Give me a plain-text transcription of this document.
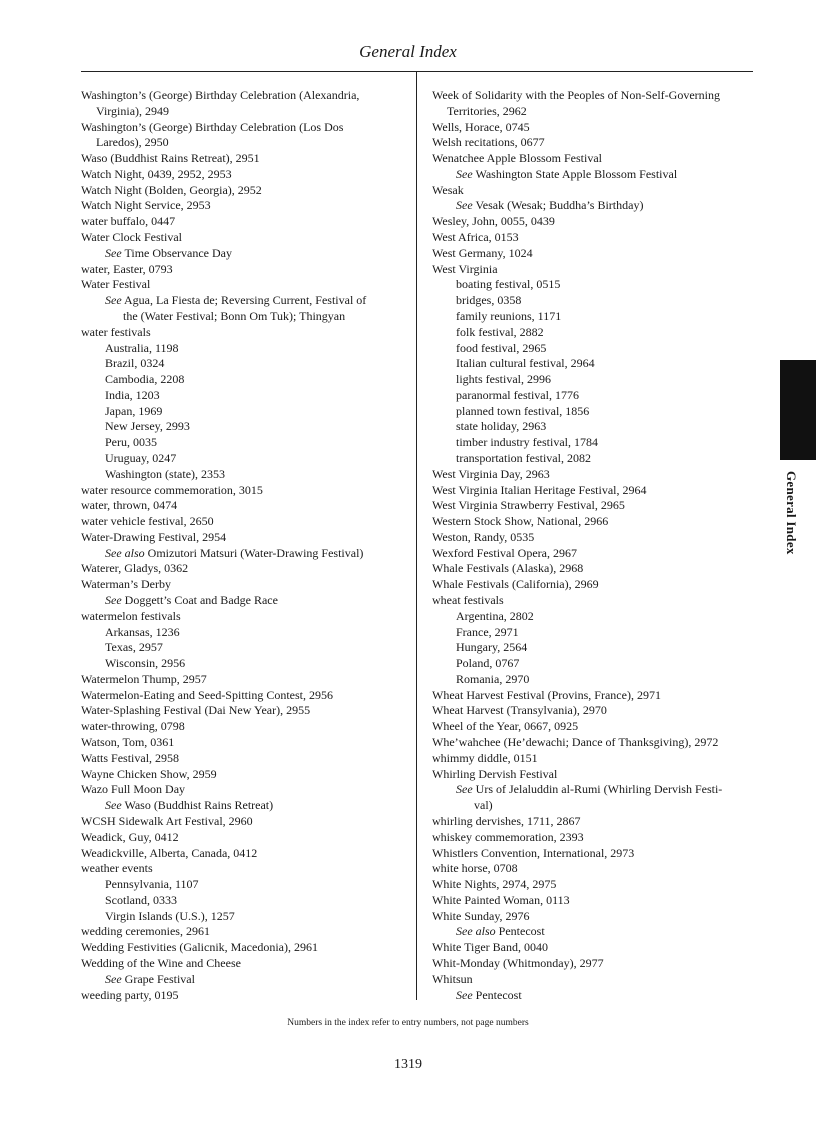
General Index
Washington’s (George) Birthday Celebration (Alexandria,
Virginia), 2949
Washington’s (George) Birthday Celebration (Los Dos
Laredos), 2950
Waso (Buddhist Rains Retreat), 2951
Watch Night, 0439, 2952, 2953
Watch Night (Bolden, Georgia), 2952
Watch Night Service, 2953
water buffalo, 0447
Water Clock Festival
See Time Observance Day
water, Easter, 0793
Water Festival
See Agua, La Fiesta de; Reversing Current, Festival of
the (Water Festival; Bonn Om Tuk); Thingyan
water festivals
Australia, 1198
Brazil, 0324
Cambodia, 2208
India, 1203
Japan, 1969
New Jersey, 2993
Peru, 0035
Uruguay, 0247
Washington (state), 2353
water resource commemoration, 3015
water, thrown, 0474
water vehicle festival, 2650
Water-Drawing Festival, 2954
See also Omizutori Matsuri (Water-Drawing Festival)
Waterer, Gladys, 0362
Waterman’s Derby
See Doggett’s Coat and Badge Race
watermelon festivals
Arkansas, 1236
Texas, 2957
Wisconsin, 2956
Watermelon Thump, 2957
Watermelon-Eating and Seed-Spitting Contest, 2956
Water-Splashing Festival (Dai New Year), 2955
water-throwing, 0798
Watson, Tom, 0361
Watts Festival, 2958
Wayne Chicken Show, 2959
Wazo Full Moon Day
See Waso (Buddhist Rains Retreat)
WCSH Sidewalk Art Festival, 2960
Weadick, Guy, 0412
Weadickville, Alberta, Canada, 0412
weather events
Pennsylvania, 1107
Scotland, 0333
Virgin Islands (U.S.), 1257
wedding ceremonies, 2961
Wedding Festivities (Galicnik, Macedonia), 2961
Wedding of the Wine and Cheese
See Grape Festival
weeding party, 0195
Week of Solidarity with the Peoples of Non-Self-Governing
Territories, 2962
Wells, Horace, 0745
Welsh recitations, 0677
Wenatchee Apple Blossom Festival
See Washington State Apple Blossom Festival
Wesak
See Vesak (Wesak; Buddha’s Birthday)
Wesley, John, 0055, 0439
West Africa, 0153
West Germany, 1024
West Virginia
boating festival, 0515
bridges, 0358
family reunions, 1171
folk festival, 2882
food festival, 2965
Italian cultural festival, 2964
lights festival, 2996
paranormal festival, 1776
planned town festival, 1856
state holiday, 2963
timber industry festival, 1784
transportation festival, 2082
West Virginia Day, 2963
West Virginia Italian Heritage Festival, 2964
West Virginia Strawberry Festival, 2965
Western Stock Show, National, 2966
Weston, Randy, 0535
Wexford Festival Opera, 2967
Whale Festivals (Alaska), 2968
Whale Festivals (California), 2969
wheat festivals
Argentina, 2802
France, 2971
Hungary, 2564
Poland, 0767
Romania, 2970
Wheat Harvest Festival (Provins, France), 2971
Wheat Harvest (Transylvania), 2970
Wheel of the Year, 0667, 0925
Whe’wahchee (He’dewachi; Dance of Thanksgiving), 2972
whimmy diddle, 0151
Whirling Dervish Festival
See Urs of Jelaluddin al-Rumi (Whirling Dervish Festi-
val)
whirling dervishes, 1711, 2867
whiskey commemoration, 2393
Whistlers Convention, International, 2973
white horse, 0708
White Nights, 2974, 2975
White Painted Woman, 0113
White Sunday, 2976
See also Pentecost
White Tiger Band, 0040
Whit-Monday (Whitmonday), 2977
Whitsun
See Pentecost
General Index
Numbers in the index refer to entry numbers, not page numbers
1319
